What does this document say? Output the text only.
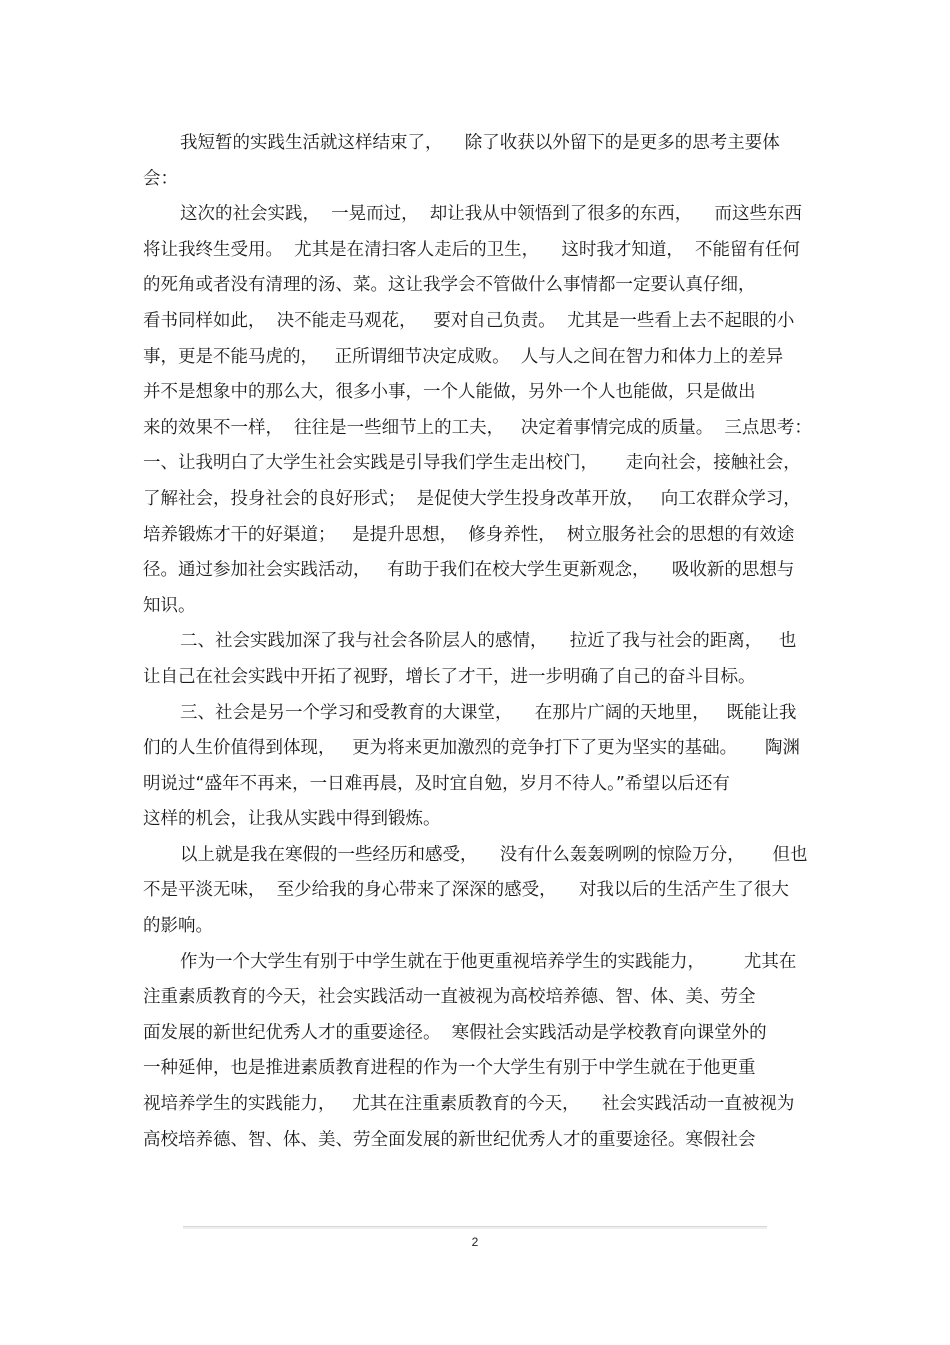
我短暂的实践生活就这样结束了，    除了收获以外留下的是更多的思考主要体
会：
这次的社会实践，  一晃而过，  却让我从中领悟到了很多的东西，    而这些东西
将让我终生受用。  尤其是在清扫客人走后的卫生，    这时我才知道，  不能留有任何
的死角或者没有清理的汤、菜。这让我学会不管做什么事情都一定要认真仔细，
看书同样如此，  决不能走马观花，   要对自己负责。  尤其是一些看上去不起眼的小
事，更是不能马虎的，   正所谓细节决定成败。  人与人之间在智力和体力上的差异
并不是想象中的那么大，很多小事，一个人能做，另外一个人也能做，只是做出
来的效果不一样，  往往是一些细节上的工夫，   决定着事情完成的质量。  三点思考：
一、让我明白了大学生社会实践是引导我们学生走出校门，     走向社会，接触社会，
了解社会，投身社会的良好形式；  是促使大学生投身改革开放，   向工农群众学习，
培养锻炼才干的好渠道；   是提升思想，  修身养性，  树立服务社会的思想的有效途
径。通过参加社会实践活动，   有助于我们在校大学生更新观念，    吸收新的思想与
知识。
二、社会实践加深了我与社会各阶层人的感情，    拉近了我与社会的距离，   也
让自己在社会实践中开拓了视野，增长了才干，进一步明确了自己的奋斗目标。
三、社会是另一个学习和受教育的大课堂，    在那片广阔的天地里，   既能让我
们的人生价值得到体现，   更为将来更加激烈的竞争打下了更为坚实的基础。     陶渊
明说过“盛年不再来，一日难再晨，及时宜自勉，岁月不待人。”希望以后还有
这样的机会，让我从实践中得到锻炼。
以上就是我在寒假的一些经历和感受，    没有什么轰轰咧咧的惊险万分，     但也
不是平淡无味，  至少给我的身心带来了深深的感受，    对我以后的生活产生了很大
的影响。
作为一个大学生有别于中学生就在于他更重视培养学生的实践能力，       尤其在
注重素质教育的今天，社会实践活动一直被视为高校培养德、智、体、美、劳全
面发展的新世纪优秀人才的重要途径。  寒假社会实践活动是学校教育向课堂外的
一种延伸，也是推进素质教育进程的作为一个大学生有别于中学生就在于他更重
视培养学生的实践能力，   尤其在注重素质教育的今天，    社会实践活动一直被视为
高校培养德、智、体、美、劳全面发展的新世纪优秀人才的重要途径。寒假社会
2
